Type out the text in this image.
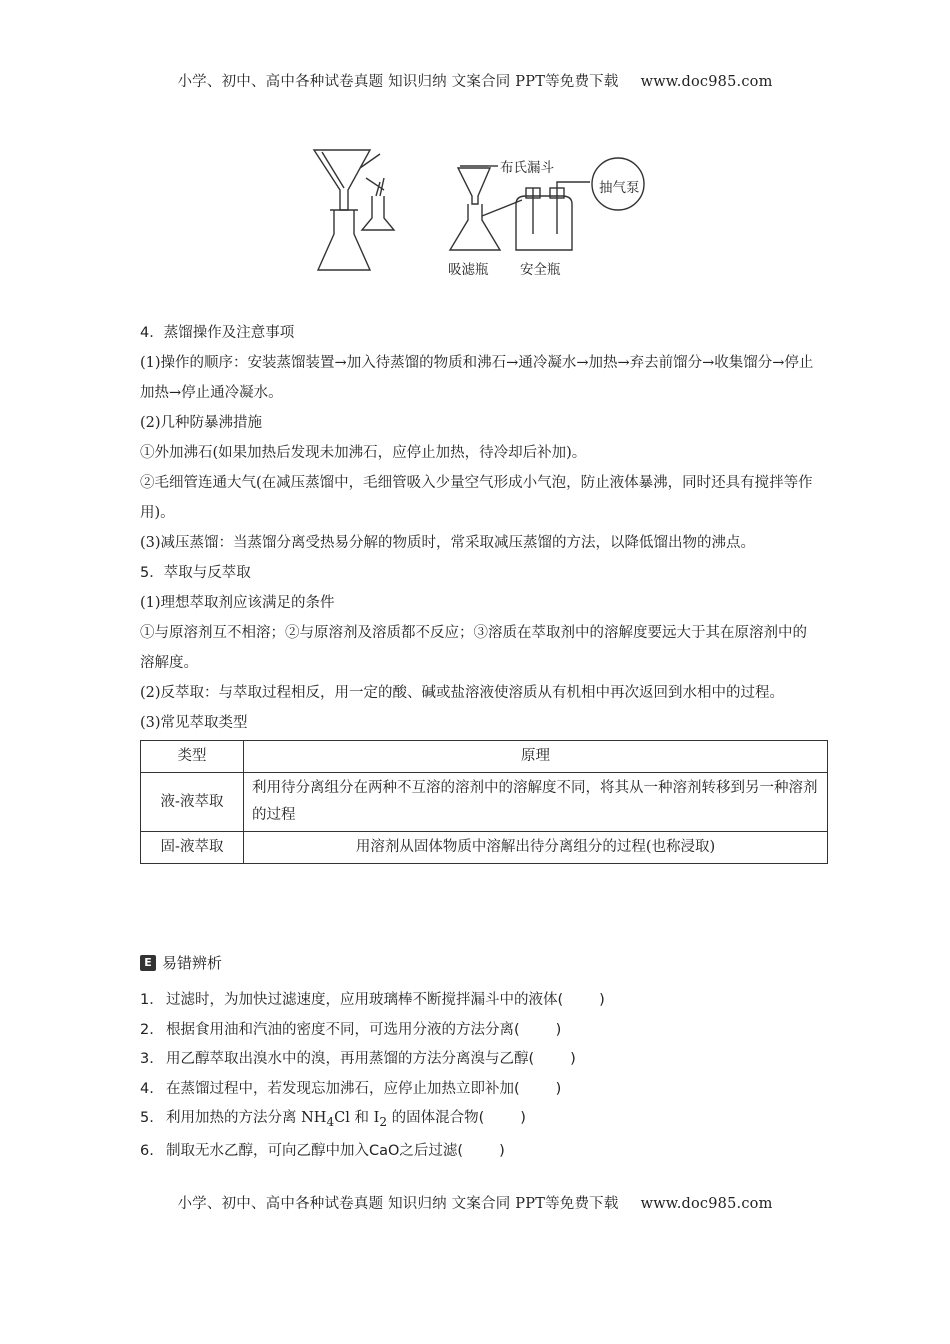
小学、初中、高中各种试卷真题 知识归纳 文案合同 PPT等免费下载 www.doc985.com
布氏漏斗
抽气泵
吸滤瓶 安全瓶

4．蒸馏操作及注意事项

(1)操作的顺序：安装蒸馏装置→加入待蒸馏的物质和沸石→通冷凝水→加热→弃去前馏分→收集馏分→停止加热→停止通冷凝水。

(2)几种防暴沸措施

①外加沸石(如果加热后发现未加沸石，应停止加热，待冷却后补加)。

②毛细管连通大气(在减压蒸馏中，毛细管吸入少量空气形成小气泡，防止液体暴沸，同时还具有搅拌等作用)。

(3)减压蒸馏：当蒸馏分离受热易分解的物质时，常采取减压蒸馏的方法，以降低馏出物的沸点。

5．萃取与反萃取

(1)理想萃取剂应该满足的条件

①与原溶剂互不相溶；②与原溶剂及溶质都不反应；③溶质在萃取剂中的溶解度要远大于其在原溶剂中的溶解度。

(2)反萃取：与萃取过程相反，用一定的酸、碱或盐溶液使溶质从有机相中再次返回到水相中的过程。

(3)常见萃取类型

类型	原理
液-液萃取	利用待分离组分在两种不互溶的溶剂中的溶解度不同，将其从一种溶剂转移到另一种溶剂的过程
固-液萃取	用溶剂从固体物质中溶解出待分离组分的过程(也称浸取)
E 易错辨析

1． 过滤时，为加快过滤速度，应用玻璃棒不断搅拌漏斗中的液体( )

2. 根据食用油和汽油的密度不同，可选用分液的方法分离( )

3. 用乙醇萃取出溴水中的溴，再用蒸馏的方法分离溴与乙醇( )

4. 在蒸馏过程中，若发现忘加沸石，应停止加热立即补加( )

5. 利用加热的方法分离 $NH_4Cl$ 和 $I_2$ 的固体混合物( )

6. 制取无水乙醇，可向乙醇中加入CaO之后过滤( )

小学、初中、高中各种试卷真题 知识归纳 文案合同 PPT等免费下载 www.doc985.com
